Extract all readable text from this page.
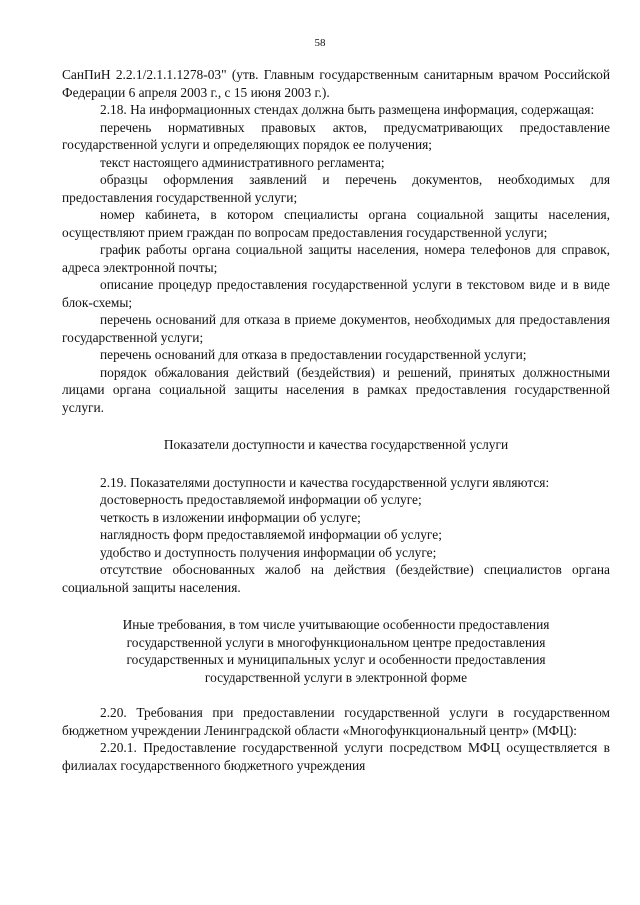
58

СанПиН 2.2.1/2.1.1.1278-03" (утв. Главным государственным санитарным врачом Российской Федерации 6 апреля 2003 г., с 15 июня 2003 г.).

2.18. На информационных стендах должна быть размещена информация, содержащая:

перечень нормативных правовых актов, предусматривающих предоставление государственной услуги и определяющих порядок ее получения;

текст настоящего административного регламента;

образцы оформления заявлений и перечень документов, необходимых для предоставления государственной услуги;

номер кабинета, в котором специалисты органа социальной защиты населения, осуществляют прием граждан по вопросам предоставления государственной услуги;

график работы органа социальной защиты населения, номера телефонов для справок, адреса электронной почты;

описание процедур предоставления государственной услуги в текстовом виде и в виде блок-схемы;

перечень оснований для отказа в приеме документов, необходимых для предоставления государственной услуги;

перечень оснований для отказа в предоставлении государственной услуги;

порядок обжалования действий (бездействия) и решений, принятых должностными лицами органа социальной защиты населения в рамках предоставления государственной услуги.

Показатели доступности и качества государственной услуги

2.19. Показателями доступности и качества государственной услуги являются:

достоверность предоставляемой информации об услуге;

четкость в изложении информации об услуге;

наглядность форм предоставляемой информации об услуге;

удобство и доступность получения информации об услуге;

отсутствие обоснованных жалоб на действия (бездействие) специалистов органа социальной защиты населения.

Иные требования, в том числе учитывающие особенности предоставления

государственной услуги в многофункциональном центре предоставления

государственных и муниципальных услуг и особенности предоставления

государственной услуги в электронной форме

2.20. Требования при предоставлении государственной услуги в государственном бюджетном учреждении Ленинградской области «Многофункциональный центр» (МФЦ):

2.20.1. Предоставление государственной услуги посредством МФЦ осуществляется в филиалах государственного бюджетного учреждения
